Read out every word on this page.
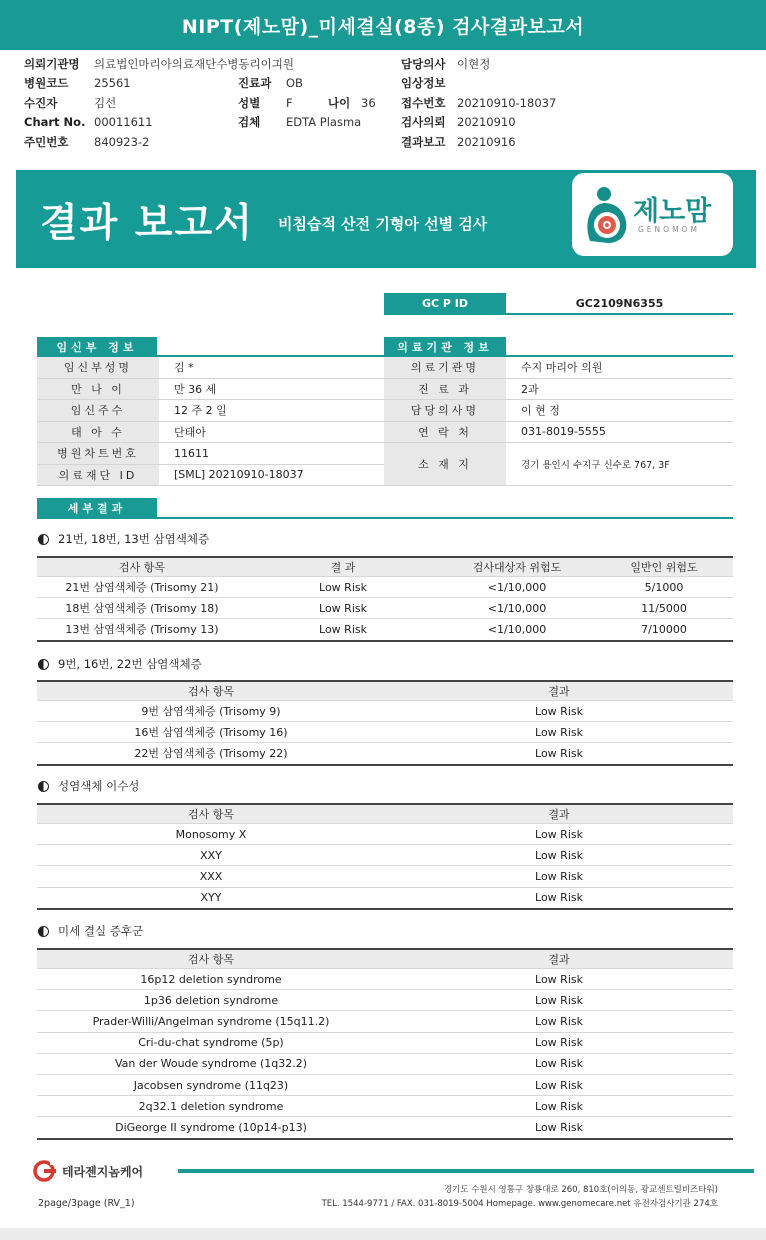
NIPT(제노맘)_미세결실(8종) 검사결과보고서
의뢰기관명	의료법인마리아의료재단수병동리이긔원
병원코드	25561
수진자	김선
Chart No. 00011611
주민번호	840923-2
진료과	OB
성별	F	나이 36
검체	EDTA Plasma
담당의사	이현정
임상정보
접수번호	20210910-18037
검사의뢰	20210910
결과보고	20210916
결과 보고서 비침습적 산전 기형아 선별 검사	제노맘
GENOMOM
GC P ID	GC2109N6355
임신부 정보
임신부성명	김 *
만 나 이	만 36 세
임신주수	12 주 2 일
태 아 수	단태아
병원차트번호	11611
의료재단 ID	[SML] 20210910-18037
의료기관 정보
의료기관명	수지 마리아 의원
진 료 과	2과
담당의사명	이 현 정
연 락 처	031-8019-5555
소 재 지	경기 용인시 수지구 신수로 767, 3F
세부결과
21번, 18번, 13번 삼염색체증
검사 항목	결 과	검사대상자 위험도	일반인 위험도
21번 삼염색체증 (Trisomy 21)	Low Risk	<1/10,000	5/1000
18번 삼염색체증 (Trisomy 18)	Low Risk	<1/10,000	11/5000
13번 삼염색체증 (Trisomy 13)	Low Risk	<1/10,000	7/10000
9번, 16번, 22번 삼염색체증
검사 항목	결과
9번 삼염색체증 (Trisomy 9)	Low Risk
16번 삼염색체증 (Trisomy 16)	Low Risk
22번 삼염색체증 (Trisomy 22)	Low Risk
성염색체 이수성
검사 항목	결과
Monosomy X	Low Risk
XXY	Low Risk
XXX	Low Risk
XYY	Low Risk
미세 결실 증후군
검사 항목	결과
16p12 deletion syndrome	Low Risk
1p36 deletion syndrome	Low Risk
Prader-Willi/Angelman syndrome (15q11.2)	Low Risk
Cri-du-chat syndrome (5p)	Low Risk
Van der Woude syndrome (1q32.2)	Low Risk
Jacobsen syndrome (11q23)	Low Risk
2q32.1 deletion syndrome	Low Risk
DiGeorge II syndrome (10p14-p13)	Low Risk
테라젠지놈케어
경기도 수원시 영통구 창룡대로 260, 810호(이의동, 광교센트럴비즈타워)
TEL. 1544-9771 / FAX. 031-8019-5004 Homepage. www.genomecare.net 유전자검사기관 274호
2page/3page (RV_1)
